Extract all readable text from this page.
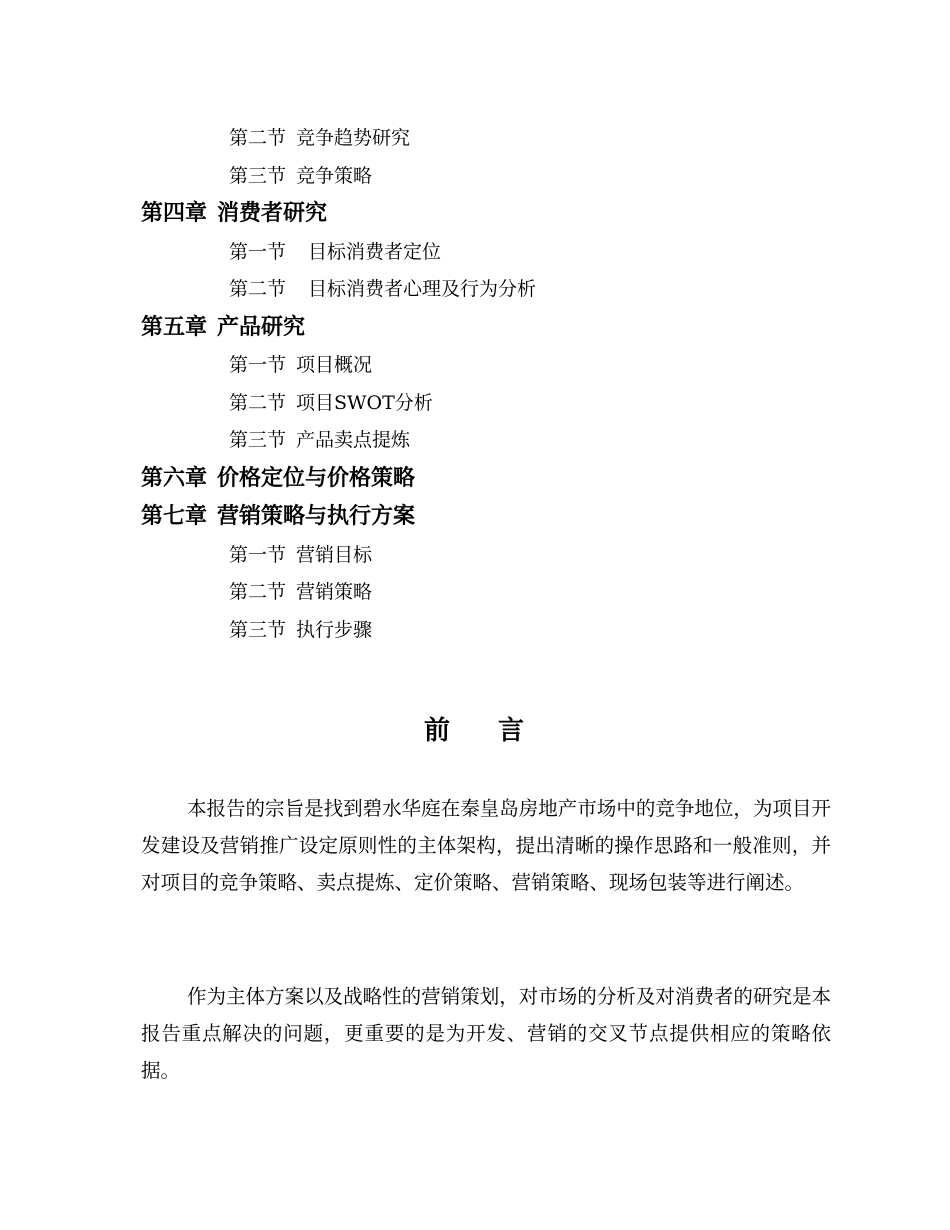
第二节 竞争趋势研究
第三节 竞争策略
第四章 消费者研究
第一节 目标消费者定位
第二节 目标消费者心理及行为分析
第五章 产品研究
第一节 项目概况
第二节 项目SWOT分析
第三节 产品卖点提炼
第六章 价格定位与价格策略
第七章 营销策略与执行方案
第一节 营销目标
第二节 营销策略
第三节 执行步骤
前 言
本报告的宗旨是找到碧水华庭在秦皇岛房地产市场中的竞争地位，为项目开发建设及营销推广设定原则性的主体架构，提出清晰的操作思路和一般准则，并对项目的竞争策略、卖点提炼、定价策略、营销策略、现场包装等进行阐述。
作为主体方案以及战略性的营销策划，对市场的分析及对消费者的研究是本报告重点解决的问题，更重要的是为开发、营销的交叉节点提供相应的策略依据。
